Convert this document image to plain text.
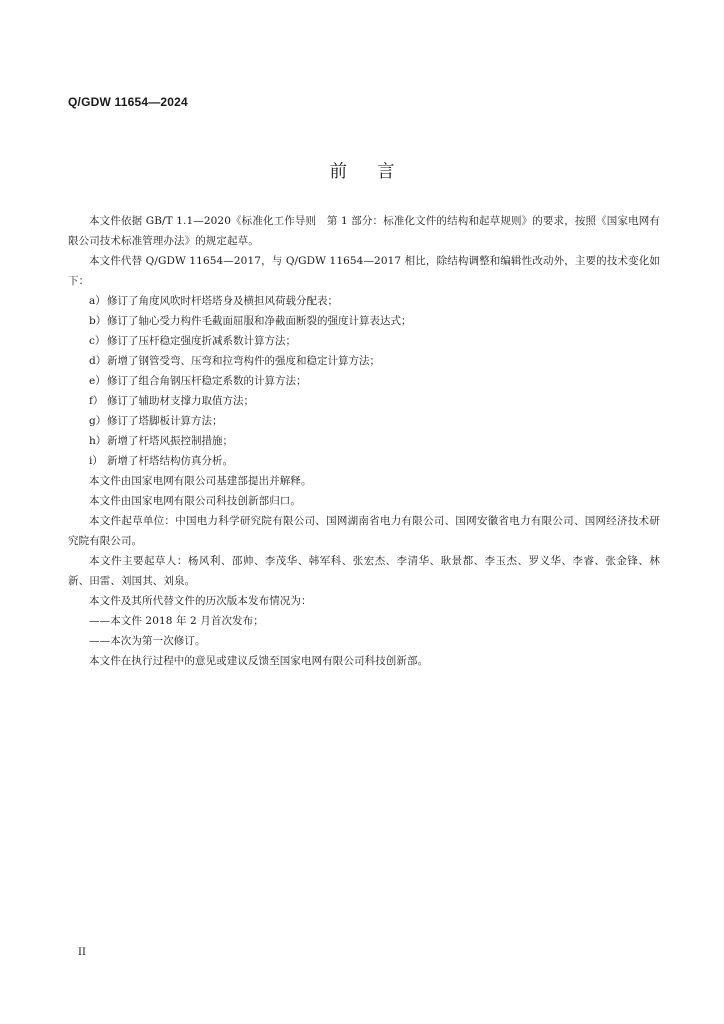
Q/GDW 11654—2024
前言

本文件依据 GB/T 1.1—2020《标准化工作导则　第 1 部分：标准化文件的结构和起草规则》的要求，按照《国家电网有限公司技术标准管理办法》的规定起草。

本文件代替 Q/GDW 11654—2017，与 Q/GDW 11654—2017 相比，除结构调整和编辑性改动外，主要的技术变化如下：

a）修订了角度风吹时杆塔塔身及横担风荷载分配表；

b）修订了轴心受力构件毛截面屈服和净截面断裂的强度计算表达式；

c） 修订了压杆稳定强度折减系数计算方法；

d）新增了钢管受弯、压弯和拉弯构件的强度和稳定计算方法；

e）修订了组合角钢压杆稳定系数的计算方法；

f） 修订了辅助材支撑力取值方法；

g）修订了塔脚板计算方法；

h）新增了杆塔风振控制措施；

i） 新增了杆塔结构仿真分析。

本文件由国家电网有限公司基建部提出并解释。

本文件由国家电网有限公司科技创新部归口。

本文件起草单位：中国电力科学研究院有限公司、国网湖南省电力有限公司、国网安徽省电力有限公司、国网经济技术研究院有限公司。

本文件主要起草人：杨风利、邵帅、李茂华、韩军科、张宏杰、李清华、耿景都、李玉杰、罗义华、李睿、张金锋、林新、田雷、刘国其、刘泉。

本文件及其所代替文件的历次版本发布情况为：

——本文件 2018 年 2 月首次发布；

——本次为第一次修订。

本文件在执行过程中的意见或建议反馈至国家电网有限公司科技创新部。

II
